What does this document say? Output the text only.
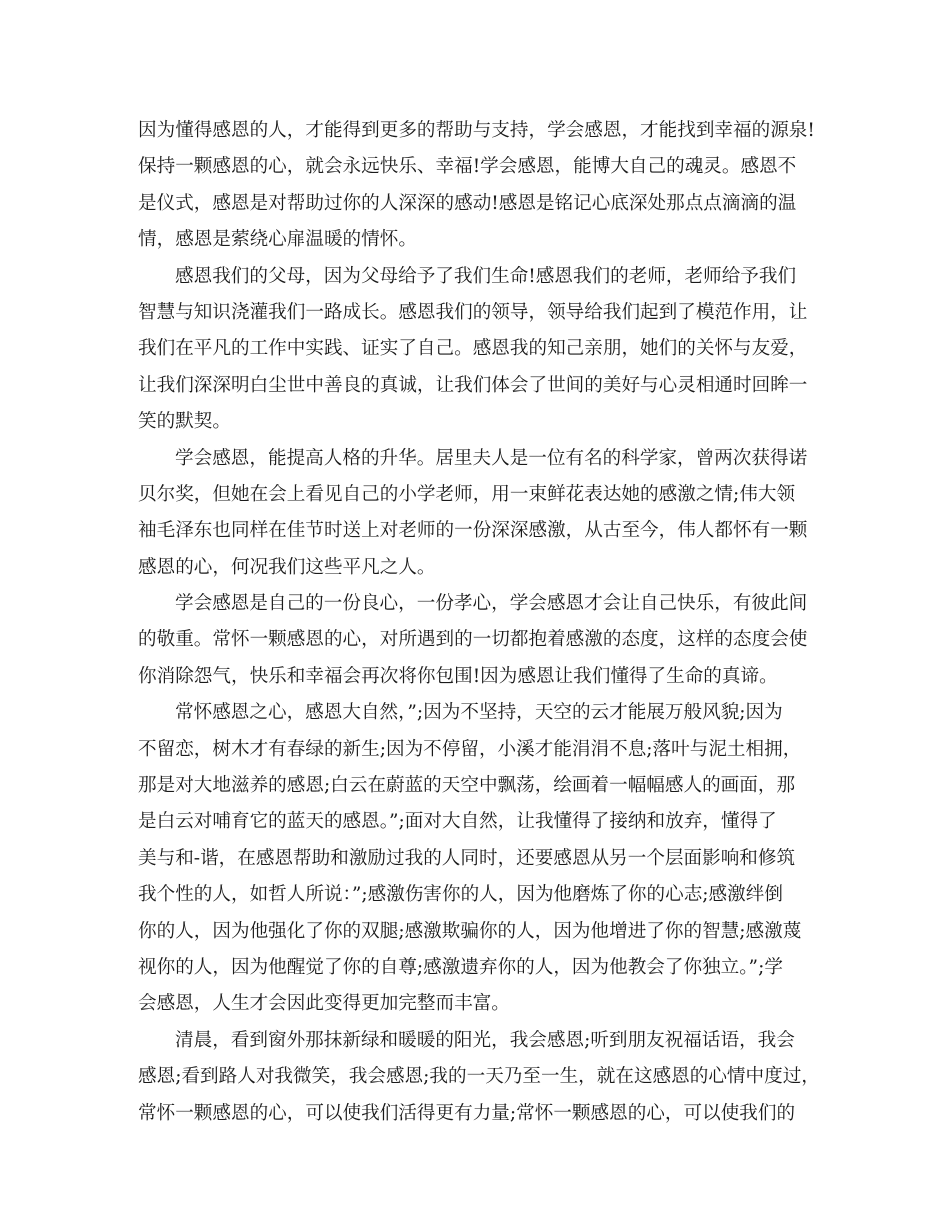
因为懂得感恩的人，才能得到更多的帮助与支持，学会感恩，才能找到幸福的源泉!
保持一颗感恩的心，就会永远快乐、幸福!学会感恩，能博大自己的魂灵。感恩不
是仪式，感恩是对帮助过你的人深深的感动!感恩是铭记心底深处那点点滴滴的温
情，感恩是萦绕心扉温暖的情怀。
感恩我们的父母，因为父母给予了我们生命!感恩我们的老师，老师给予我们
智慧与知识浇灌我们一路成长。感恩我们的领导，领导给我们起到了模范作用，让
我们在平凡的工作中实践、证实了自己。感恩我的知己亲朋，她们的关怀与友爱，
让我们深深明白尘世中善良的真诚，让我们体会了世间的美好与心灵相通时回眸一
笑的默契。
学会感恩，能提高人格的升华。居里夫人是一位有名的科学家，曾两次获得诺
贝尔奖，但她在会上看见自己的小学老师，用一束鲜花表达她的感激之情;伟大领
袖毛泽东也同样在佳节时送上对老师的一份深深感激，从古至今，伟人都怀有一颗
感恩的心，何况我们这些平凡之人。
学会感恩是自己的一份良心，一份孝心，学会感恩才会让自己快乐，有彼此间
的敬重。常怀一颗感恩的心，对所遇到的一切都抱着感激的态度，这样的态度会使
你消除怨气，快乐和幸福会再次将你包围!因为感恩让我们懂得了生命的真谛。
常怀感恩之心，感恩大自然，”;因为不坚持，天空的云才能展万般风貌;因为
不留恋，树木才有春绿的新生;因为不停留，小溪才能涓涓不息;落叶与泥土相拥，
那是对大地滋养的感恩;白云在蔚蓝的天空中飘荡，绘画着一幅幅感人的画面，那
是白云对哺育它的蓝天的感恩。”;面对大自然，让我懂得了接纳和放弃，懂得了
美与和-谐，在感恩帮助和激励过我的人同时，还要感恩从另一个层面影响和修筑
我个性的人，如哲人所说：”;感激伤害你的人，因为他磨炼了你的心志;感激绊倒
你的人，因为他强化了你的双腿;感激欺骗你的人，因为他增进了你的智慧;感激蔑
视你的人，因为他醒觉了你的自尊;感激遗弃你的人，因为他教会了你独立。”;学
会感恩，人生才会因此变得更加完整而丰富。
清晨，看到窗外那抹新绿和暖暖的阳光，我会感恩;听到朋友祝福话语，我会
感恩;看到路人对我微笑，我会感恩;我的一天乃至一生，就在这感恩的心情中度过，
常怀一颗感恩的心，可以使我们活得更有力量;常怀一颗感恩的心，可以使我们的
